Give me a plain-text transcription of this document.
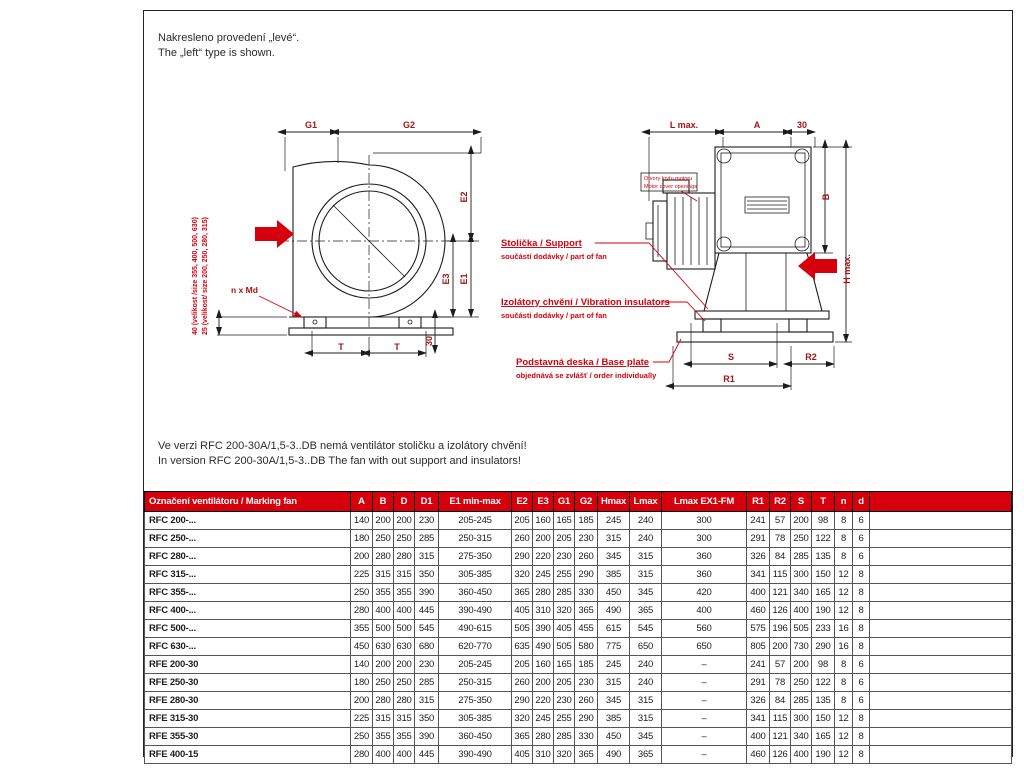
G1	G2
E2
E1
E3
T	T
30
40 (velikost /size 355, 400, 500, 630) 25 (velikost/ size 200, 250, 280, 315)	n x Md
L max.	A	30
B
H max.
S	R2
R1
Otvory krytu motoru
Motor cover openings
Stolička / Support
součástí dodávky / part of fan
Izolátory chvění / Vibration insulators
součástí dodávky / part of fan
Podstavná deska / Base plate
objednává se zvlášť / order individually
Nakresleno provedení „levé“.
The „left“ type is shown.
Ve verzi RFC 200-30A/1,5-3..DB nemá ventilátor stoličku a izolátory chvění!
In version RFC 200-30A/1,5-3..DB The fan with out support and insulators!
Označení ventilátoru / Marking fan	A	B	D	D1	E1 min-max	E2	E3	G1	G2	Hmax	Lmax	Lmax EX1-FM	R1	R2	S	T	n	d	
RFC 200-...	140	200	200	230	205-245	205	160	165	185	245	240	300	241	57	200	98	8	6	
RFC 250-...	180	250	250	285	250-315	260	200	205	230	315	240	300	291	78	250	122	8	6	
RFC 280-...	200	280	280	315	275-350	290	220	230	260	345	315	360	326	84	285	135	8	6	
RFC 315-...	225	315	315	350	305-385	320	245	255	290	385	315	360	341	115	300	150	12	8	
RFC 355-...	250	355	355	390	360-450	365	280	285	330	450	345	420	400	121	340	165	12	8	
RFC 400-...	280	400	400	445	390-490	405	310	320	365	490	365	400	460	126	400	190	12	8	
RFC 500-...	355	500	500	545	490-615	505	390	405	455	615	545	560	575	196	505	233	16	8	
RFC 630-...	450	630	630	680	620-770	635	490	505	580	775	650	650	805	200	730	290	16	8	
RFE 200-30	140	200	200	230	205-245	205	160	165	185	245	240	–	241	57	200	98	8	6	
RFE 250-30	180	250	250	285	250-315	260	200	205	230	315	240	–	291	78	250	122	8	6	
RFE 280-30	200	280	280	315	275-350	290	220	230	260	345	315	–	326	84	285	135	8	6	
RFE 315-30	225	315	315	350	305-385	320	245	255	290	385	315	–	341	115	300	150	12	8	
RFE 355-30	250	355	355	390	360-450	365	280	285	330	450	345	–	400	121	340	165	12	8	
RFE 400-15	280	400	400	445	390-490	405	310	320	365	490	365	–	460	126	400	190	12	8	
